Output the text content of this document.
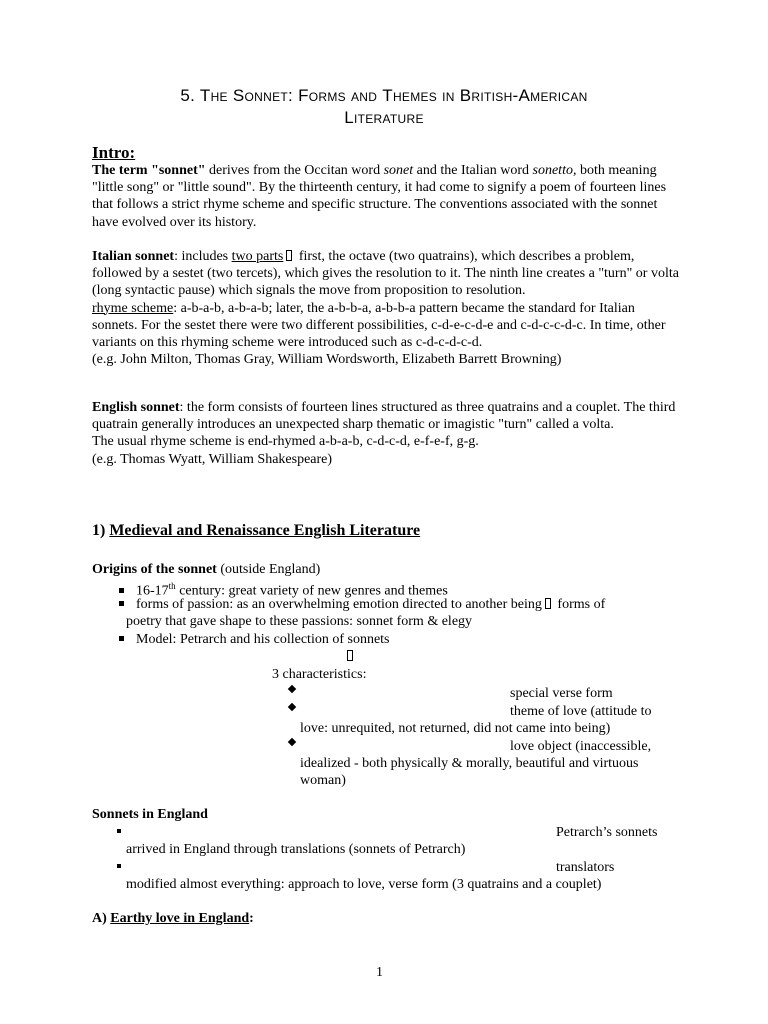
5. The Sonnet: Forms and Themes in British-American
Literature
Intro:

The term "sonnet" derives from the Occitan word sonet and the Italian word sonetto, both meaning "little song" or "little sound". By the thirteenth century, it had come to signify a poem of fourteen lines that follows a strict rhyme scheme and specific structure. The conventions associated with the sonnet have evolved over its history.

Italian sonnet: includes two parts first, the octave (two quatrains), which describes a problem, followed by a sestet (two tercets), which gives the resolution to it. The ninth line creates a "turn" or volta (long syntactic pause) which signals the move from proposition to resolution.

rhyme scheme: a-b-a-b, a-b-a-b; later, the a-b-b-a, a-b-b-a pattern became the standard for Italian sonnets. For the sestet there were two different possibilities, c-d-e-c-d-e and c-d-c-c-d-c. In time, other variants on this rhyming scheme were introduced such as c-d-c-d-c-d.

(e.g. John Milton, Thomas Gray, William Wordsworth, Elizabeth Barrett Browning)

English sonnet: the form consists of fourteen lines structured as three quatrains and a couplet. The third quatrain generally introduces an unexpected sharp thematic or imagistic "turn" called a volta.

The usual rhyme scheme is end-rhymed a-b-a-b, c-d-c-d, e-f-e-f, g-g.

(e.g. Thomas Wyatt, William Shakespeare)

1) Medieval and Renaissance English Literature
Origins of the sonnet (outside England)
16-17th century: great variety of new genres and themes
forms of passion: as an overwhelming emotion directed to another being forms of
poetry that gave shape to these passions: sonnet form & elegy
Model: Petrarch and his collection of sonnets
3 characteristics:
special verse form
theme of love (attitude to
love: unrequited, not returned, did not came into being)
love object (inaccessible,
idealized - both physically & morally, beautiful and virtuous
woman)
Sonnets in England
Petrarch’s sonnets
arrived in England through translations (sonnets of Petrarch)
translators
modified almost everything: approach to love, verse form (3 quatrains and a couplet)
A) Earthy love in England:
1
